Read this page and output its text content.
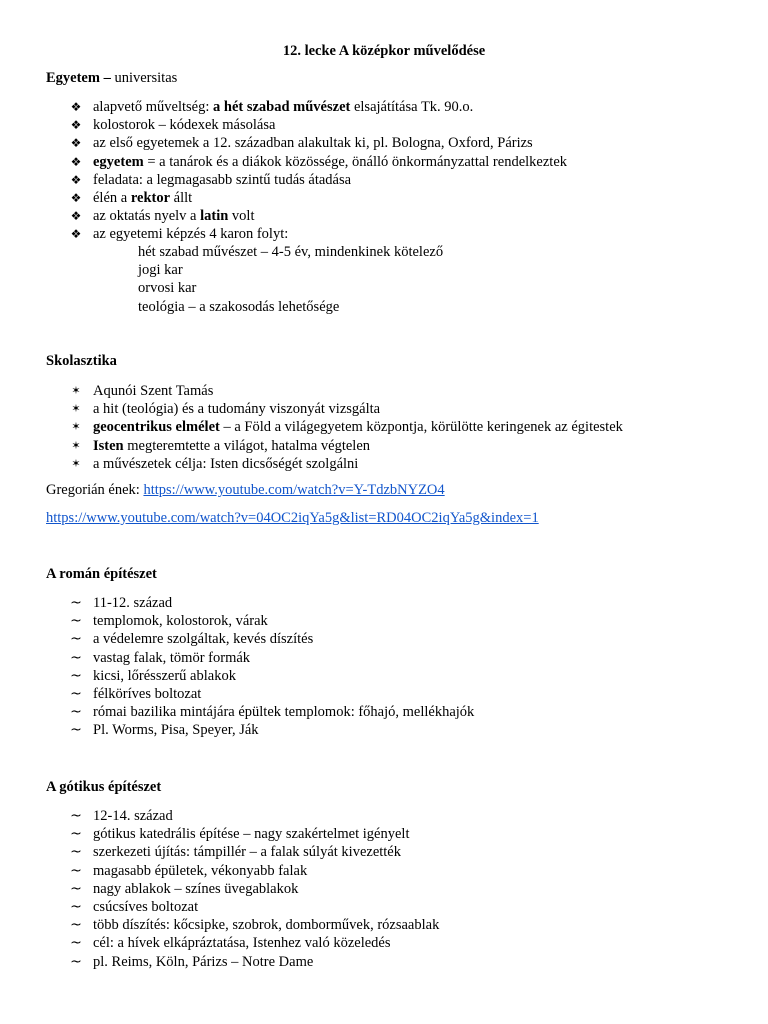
12. lecke A középkor művelődése
Egyetem – universitas
❖ alapvető műveltség: a hét szabad művészet elsajátítása Tk. 90.o.
❖ kolostorok – kódexek másolása
❖ az első egyetemek a 12. században alakultak ki, pl. Bologna, Oxford, Párizs
❖ egyetem = a tanárok és a diákok közössége, önálló önkormányzattal rendelkeztek
❖ feladata: a legmagasabb szintű tudás átadása
❖ élén a rektor állt
❖ az oktatás nyelv a latin volt
❖ az egyetemi képzés 4 karon folyt:
hét szabad művészet – 4-5 év, mindenkinek kötelező
jogi kar
orvosi kar
teológia – a szakosodás lehetősége
Skolasztika
✶ Aqunói Szent Tamás
✶ a hit (teológia) és a tudomány viszonyát vizsgálta
✶ geocentrikus elmélet – a Föld a világegyetem központja, körülötte keringenek az égitestek
✶ Isten megteremtette a világot, hatalma végtelen
✶ a művészetek célja: Isten dicsőségét szolgálni
Gregorián ének: https://www.youtube.com/watch?v=Y-TdzbNYZO4
https://www.youtube.com/watch?v=04OC2iqYa5g&list=RD04OC2iqYa5g&index=1
A román építészet
~ 11-12. század
~ templomok, kolostorok, várak
~ a védelemre szolgáltak, kevés díszítés
~ vastag falak, tömör formák
~ kicsi, lőrésszerű ablakok
~ félköríves boltozat
~ római bazilika mintájára épültek templomok: főhajó, mellékhajók
~ Pl. Worms, Pisa, Speyer, Ják
A gótikus építészet
~ 12-14. század
~ gótikus katedrális építése – nagy szakértelmet igényelt
~ szerkezeti újítás: támpillér – a falak súlyát kivezették
~ magasabb épületek, vékonyabb falak
~ nagy ablakok – színes üvegablakok
~ csúcsíves boltozat
~ több díszítés: kőcsipke, szobrok, domborművek, rózsaablak
~ cél: a hívek elkápráztatása, Istenhez való közeledés
~ pl. Reims, Köln, Párizs – Notre Dame
